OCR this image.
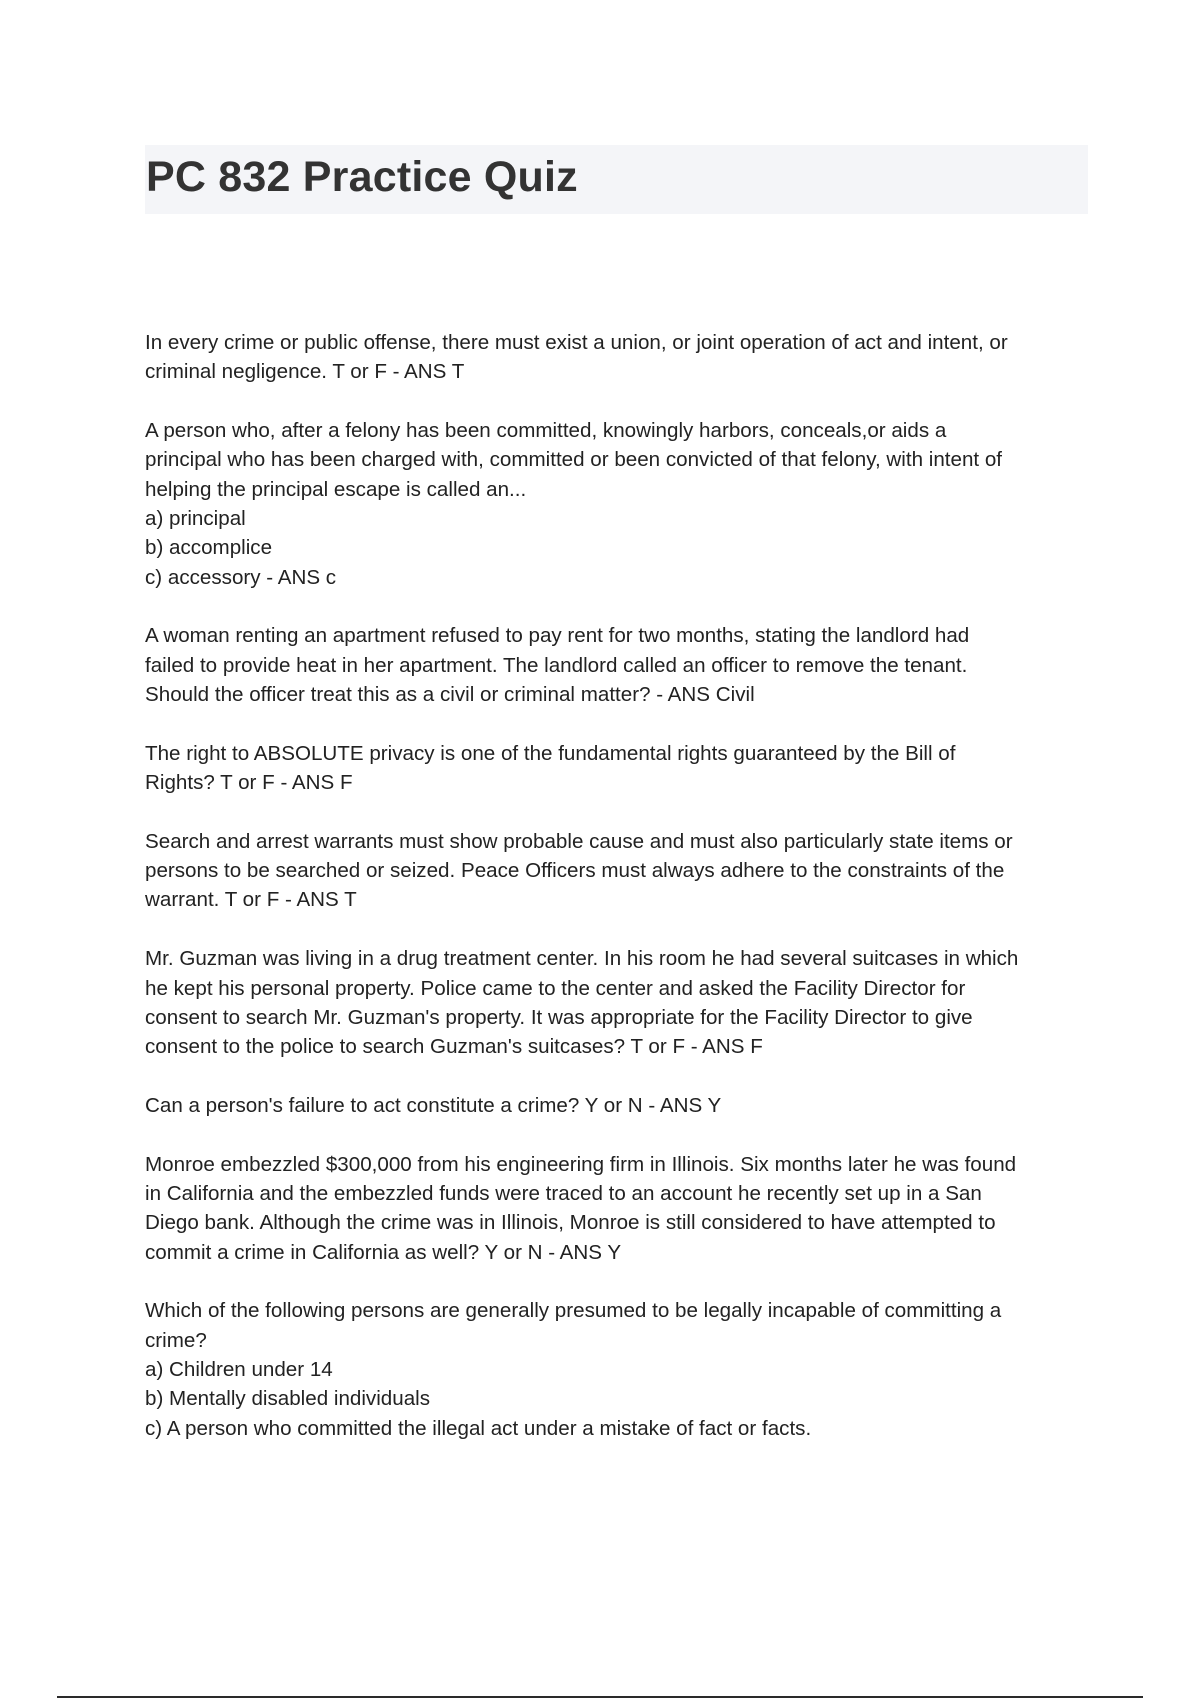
PC 832 Practice Quiz
In every crime or public offense, there must exist a union, or joint operation of act and intent, or
criminal negligence. T or F - ANS T
A person who, after a felony has been committed, knowingly harbors, conceals,or aids a
principal who has been charged with, committed or been convicted of that felony, with intent of
helping the principal escape is called an...
a) principal
b) accomplice
c) accessory - ANS c
A woman renting an apartment refused to pay rent for two months, stating the landlord had
failed to provide heat in her apartment. The landlord called an officer to remove the tenant.
Should the officer treat this as a civil or criminal matter? - ANS Civil
The right to ABSOLUTE privacy is one of the fundamental rights guaranteed by the Bill of
Rights? T or F - ANS F
Search and arrest warrants must show probable cause and must also particularly state items or
persons to be searched or seized. Peace Officers must always adhere to the constraints of the
warrant. T or F - ANS T
Mr. Guzman was living in a drug treatment center. In his room he had several suitcases in which
he kept his personal property. Police came to the center and asked the Facility Director for
consent to search Mr. Guzman's property. It was appropriate for the Facility Director to give
consent to the police to search Guzman's suitcases? T or F - ANS F
Can a person's failure to act constitute a crime? Y or N - ANS Y
Monroe embezzled $300,000 from his engineering firm in Illinois. Six months later he was found
in California and the embezzled funds were traced to an account he recently set up in a San
Diego bank. Although the crime was in Illinois, Monroe is still considered to have attempted to
commit a crime in California as well? Y or N - ANS Y
Which of the following persons are generally presumed to be legally incapable of committing a
crime?
a) Children under 14
b) Mentally disabled individuals
c) A person who committed the illegal act under a mistake of fact or facts.
